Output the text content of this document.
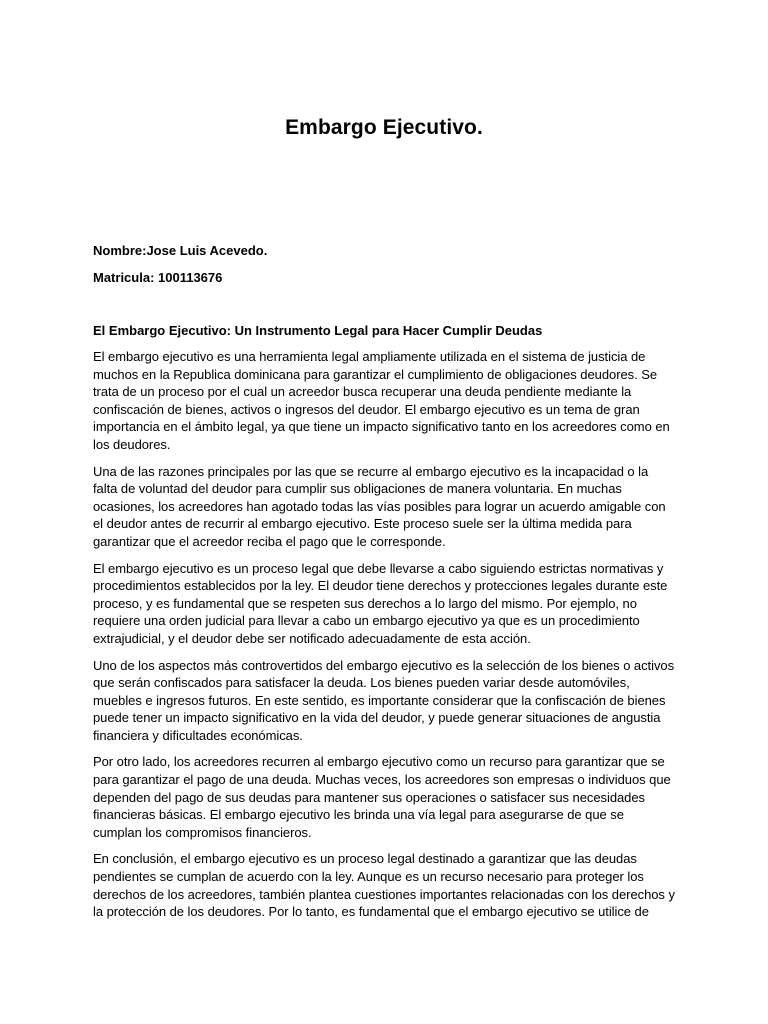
Embargo Ejecutivo.

Nombre:Jose Luis Acevedo.

Matricula: 100113676

El Embargo Ejecutivo: Un Instrumento Legal para Hacer Cumplir Deudas

El embargo ejecutivo es una herramienta legal ampliamente utilizada en el sistema de justicia de muchos en la Republica dominicana para garantizar el cumplimiento de obligaciones deudores. Se trata de un proceso por el cual un acreedor busca recuperar una deuda pendiente mediante la confiscación de bienes, activos o ingresos del deudor. El embargo ejecutivo es un tema de gran importancia en el ámbito legal, ya que tiene un impacto significativo tanto en los acreedores como en los deudores.

Una de las razones principales por las que se recurre al embargo ejecutivo es la incapacidad o la falta de voluntad del deudor para cumplir sus obligaciones de manera voluntaria. En muchas ocasiones, los acreedores han agotado todas las vías posibles para lograr un acuerdo amigable con el deudor antes de recurrir al embargo ejecutivo. Este proceso suele ser la última medida para garantizar que el acreedor reciba el pago que le corresponde.

El embargo ejecutivo es un proceso legal que debe llevarse a cabo siguiendo estrictas normativas y procedimientos establecidos por la ley. El deudor tiene derechos y protecciones legales durante este proceso, y es fundamental que se respeten sus derechos a lo largo del mismo. Por ejemplo, no requiere una orden judicial para llevar a cabo un embargo ejecutivo ya que es un procedimiento extrajudicial, y el deudor debe ser notificado adecuadamente de esta acción.

Uno de los aspectos más controvertidos del embargo ejecutivo es la selección de los bienes o activos que serán confiscados para satisfacer la deuda. Los bienes pueden variar desde automóviles, muebles e ingresos futuros. En este sentido, es importante considerar que la confiscación de bienes puede tener un impacto significativo en la vida del deudor, y puede generar situaciones de angustia financiera y dificultades económicas.

Por otro lado, los acreedores recurren al embargo ejecutivo como un recurso para garantizar que se para garantizar el pago de una deuda. Muchas veces, los acreedores son empresas o individuos que dependen del pago de sus deudas para mantener sus operaciones o satisfacer sus necesidades financieras básicas. El embargo ejecutivo les brinda una vía legal para asegurarse de que se cumplan los compromisos financieros.

En conclusión, el embargo ejecutivo es un proceso legal destinado a garantizar que las deudas pendientes se cumplan de acuerdo con la ley. Aunque es un recurso necesario para proteger los derechos de los acreedores, también plantea cuestiones importantes relacionadas con los derechos y la protección de los deudores. Por lo tanto, es fundamental que el embargo ejecutivo se utilice de
